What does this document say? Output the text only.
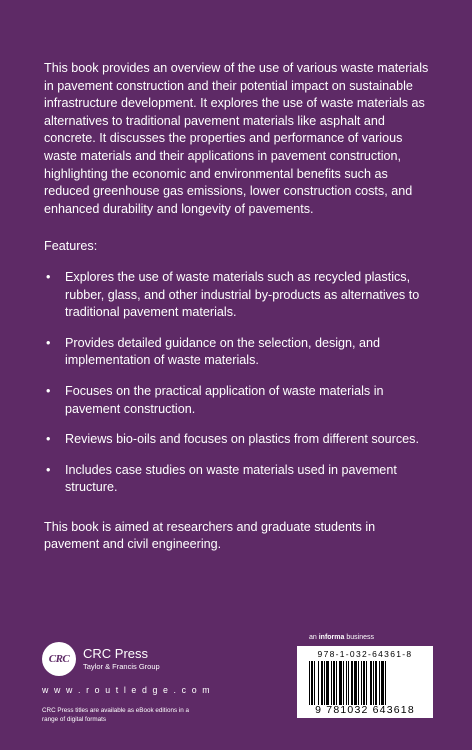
This book provides an overview of the use of various waste materials in pavement construction and their potential impact on sustainable infrastructure development. It explores the use of waste materials as alternatives to traditional pavement materials like asphalt and concrete. It discusses the properties and performance of various waste materials and their applications in pavement construction, highlighting the economic and environmental benefits such as reduced greenhouse gas emissions, lower construction costs, and enhanced durability and longevity of pavements.

Features:

• Explores the use of waste materials such as recycled plastics, rubber, glass, and other industrial by-products as alternatives to traditional pavement materials.
• Provides detailed guidance on the selection, design, and implementation of waste materials.
• Focuses on the practical application of waste materials in pavement construction.
• Reviews bio-oils and focuses on plastics from different sources.
• Includes case studies on waste materials used in pavement structure.

This book is aimed at researchers and graduate students in pavement and civil engineering.

CRC	CRC Press
Taylor & Francis Group
w w w . r o u t l e d g e . c o m
CRC Press titles are available as eBook editions in a range of digital formats
an informa business
978-1-032-64361-8
9 781032 643618
